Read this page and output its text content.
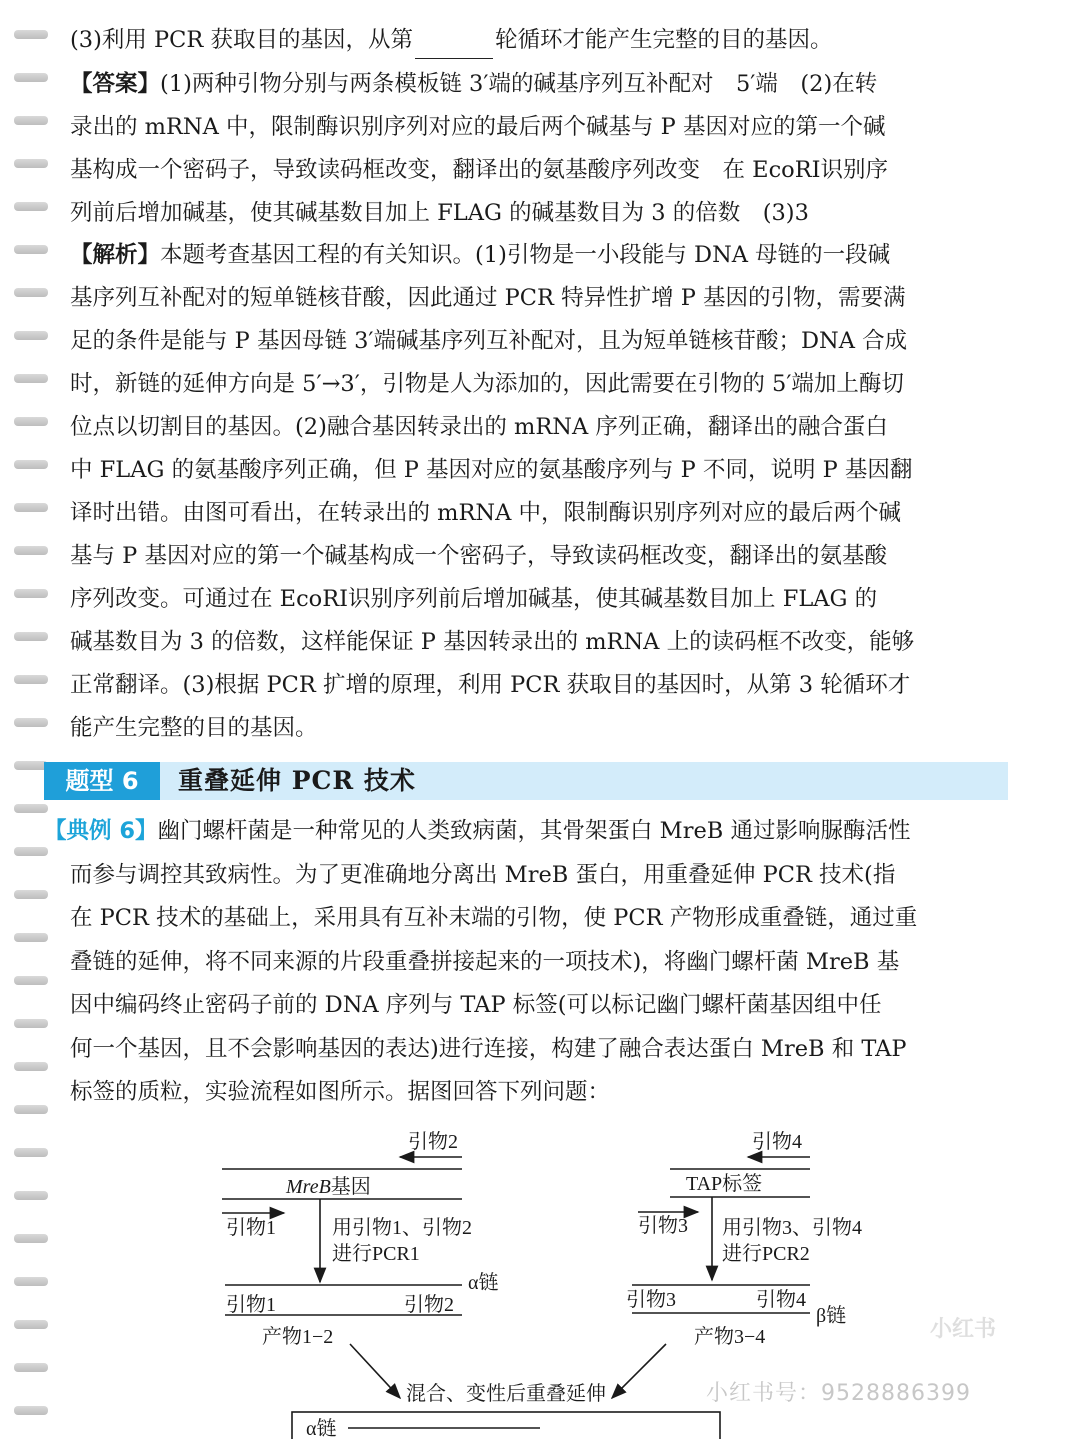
(3)利用 PCR 获取目的基因，从第	轮循环才能产生完整的目的基因。
【答案】(1)两种引物分别与两条模板链 3′端的碱基序列互补配对　5′端　(2)在转
录出的 mRNA 中，限制酶识别序列对应的最后两个碱基与 P 基因对应的第一个碱
基构成一个密码子，导致读码框改变，翻译出的氨基酸序列改变　在 EcoRⅠ识别序
列前后增加碱基，使其碱基数目加上 FLAG 的碱基数目为 3 的倍数　(3)3
【解析】本题考查基因工程的有关知识。(1)引物是一小段能与 DNA 母链的一段碱
基序列互补配对的短单链核苷酸，因此通过 PCR 特异性扩增 P 基因的引物，需要满
足的条件是能与 P 基因母链 3′端碱基序列互补配对，且为短单链核苷酸；DNA 合成
时，新链的延伸方向是 5′→3′，引物是人为添加的，因此需要在引物的 5′端加上酶切
位点以切割目的基因。(2)融合基因转录出的 mRNA 序列正确，翻译出的融合蛋白
中 FLAG 的氨基酸序列正确，但 P 基因对应的氨基酸序列与 P 不同，说明 P 基因翻
译时出错。由图可看出，在转录出的 mRNA 中，限制酶识别序列对应的最后两个碱
基与 P 基因对应的第一个碱基构成一个密码子，导致读码框改变，翻译出的氨基酸
序列改变。可通过在 EcoRⅠ识别序列前后增加碱基，使其碱基数目加上 FLAG 的
碱基数目为 3 的倍数，这样能保证 P 基因转录出的 mRNA 上的读码框不改变，能够
正常翻译。(3)根据 PCR 扩增的原理，利用 PCR 获取目的基因时，从第 3 轮循环才
能产生完整的目的基因。
题型 6	重叠延伸 PCR 技术
【典例 6】幽门螺杆菌是一种常见的人类致病菌，其骨架蛋白 MreB 通过影响脲酶活性
而参与调控其致病性。为了更准确地分离出 MreB 蛋白，用重叠延伸 PCR 技术(指
在 PCR 技术的基础上，采用具有互补末端的引物，使 PCR 产物形成重叠链，通过重
叠链的延伸，将不同来源的片段重叠拼接起来的一项技术)，将幽门螺杆菌 MreB 基
因中编码终止密码子前的 DNA 序列与 TAP 标签(可以标记幽门螺杆菌基因组中任
何一个基因，且不会影响基因的表达)进行连接，构建了融合表达蛋白 MreB 和 TAP
标签的质粒，实验流程如图所示。据图回答下列问题：
引物2
MreB基因
引物1	用引物1、引物2
进行PCR1
α链
引物1	引物2
产物1−2
引物4
TAP标签
引物3 用引物3、引物4
进行PCR2
引物3	引物4
β链
产物3−4
混合、变性后重叠延伸
α链
小红书
小红书号：9528886399
